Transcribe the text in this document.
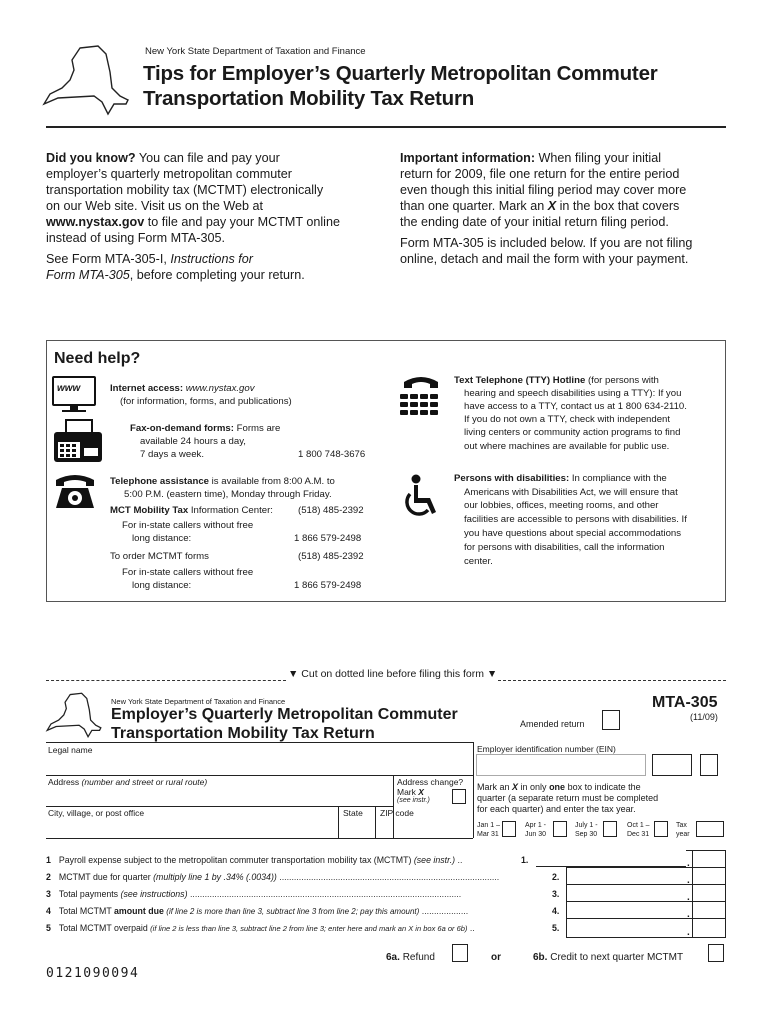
New York State Department of Taxation and Finance
Tips for Employer’s Quarterly Metropolitan Commuter
Transportation Mobility Tax Return
Did you know? You can file and pay your
employer’s quarterly metropolitan commuter
transportation mobility tax (MCTMT) electronically
on our Web site. Visit us on the Web at
www.nystax.gov to file and pay your MCTMT online
instead of using Form MTA-305.
See Form MTA-305-I, Instructions for
Form MTA-305, before completing your return.
Important information: When filing your initial
return for 2009, file one return for the entire period
even though this initial filing period may cover more
than one quarter. Mark an X in the box that covers
the ending date of your initial return filing period.
Form MTA-305 is included below. If you are not filing
online, detach and mail the form with your payment.
Need help?
www	Internet access: www.nystax.gov
(for information, forms, and publications)
Fax-on-demand forms: Forms are
available 24 hours a day,
7 days a week.	1 800 748-3676
Telephone assistance is available from 8:00 A.M. to
5:00 P.M. (eastern time), Monday through Friday.
MCT Mobility Tax Information Center:	(518) 485-2392
For in-state callers without free
long distance:	1 866 579-2498
To order MCTMT forms	(518) 485-2392
For in-state callers without free
long distance:	1 866 579-2498
Text Telephone (TTY) Hotline (for persons with
hearing and speech disabilities using a TTY): If you
have access to a TTY, contact us at 1 800 634-2110.
If you do not own a TTY, check with independent
living centers or community action programs to find
out where machines are available for public use.
Persons with disabilities: In compliance with the
Americans with Disabilities Act, we will ensure that
our lobbies, offices, meeting rooms, and other
facilities are accessible to persons with disabilities. If
you have questions about special accommodations
for persons with disabilities, call the information
center.
▼ Cut on dotted line before filing this form ▼
New York State Department of Taxation and Finance
Employer’s Quarterly Metropolitan Commuter
Transportation Mobility Tax Return
Amended return
MTA-305
(11/09)
Legal name	Employer identification number (EIN)
Address (number and street or rural route)	Address change?
Mark X
(see instr.)
City, village, or post office	State ZIP code
Mark an X in only one box to indicate the
quarter (a separate return must be completed
for each quarter) and enter the tax year.
Jan 1 –
Mar 31
Apr 1 -
Jun 30
July 1 -
Sep 30
Oct 1 –
Dec 31
Tax
year
1 Payroll expense subject to the metropolitan commuter transportation mobility tax (MCTMT) (see instr.) ..	1.
2 MCTMT due for quarter (multiply line 1 by .34% (.0034)) ..........................................................................................	2.
3 Total payments (see instructions) ...............................................................................................................	3.
4 Total MCTMT amount due (if line 2 is more than line 3, subtract line 3 from line 2; pay this amount) ...................	4.
5 Total MCTMT overpaid (if line 2 is less than line 3, subtract line 2 from line 3; enter here and mark an X in box 6a or 6b) ..	5.
.
.
.
.
.
6a. Refund	or	6b. Credit to next quarter MCTMT
0121090094
